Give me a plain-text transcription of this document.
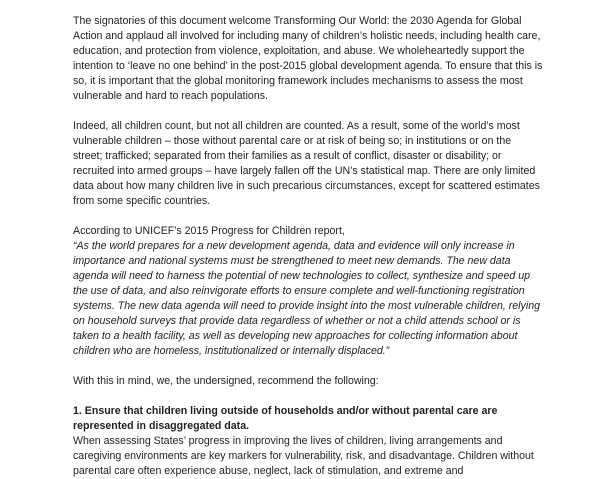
The signatories of this document welcome Transforming Our World: the 2030 Agenda for Global Action and applaud all involved for including many of children’s holistic needs, including health care, education, and protection from violence, exploitation, and abuse. We wholeheartedly support the intention to ‘leave no one behind’ in the post-2015 global development agenda. To ensure that this is so, it is important that the global monitoring framework includes mechanisms to assess the most vulnerable and hard to reach populations.

Indeed, all children count, but not all children are counted. As a result, some of the world’s most vulnerable children – those without parental care or at risk of being so; in institutions or on the street; trafficked; separated from their families as a result of conflict, disaster or disability; or recruited into armed groups – have largely fallen off the UN’s statistical map. There are only limited data about how many children live in such precarious circumstances, except for scattered estimates from some specific countries.

According to UNICEF’s 2015 Progress for Children report,

“As the world prepares for a new development agenda, data and evidence will only increase in importance and national systems must be strengthened to meet new demands. The new data agenda will need to harness the potential of new technologies to collect, synthesize and speed up the use of data, and also reinvigorate efforts to ensure complete and well-functioning registration systems. The new data agenda will need to provide insight into the most vulnerable children, relying on household surveys that provide data regardless of whether or not a child attends school or is taken to a health facility, as well as developing new approaches for collecting information about children who are homeless, institutionalized or internally displaced.”

With this in mind, we, the undersigned, recommend the following:

1. Ensure that children living outside of households and/or without parental care are represented in disaggregated data.

When assessing States’ progress in improving the lives of children, living arrangements and caregiving environments are key markers for vulnerability, risk, and disadvantage. Children without parental care often experience abuse, neglect, lack of stimulation, and extreme and
